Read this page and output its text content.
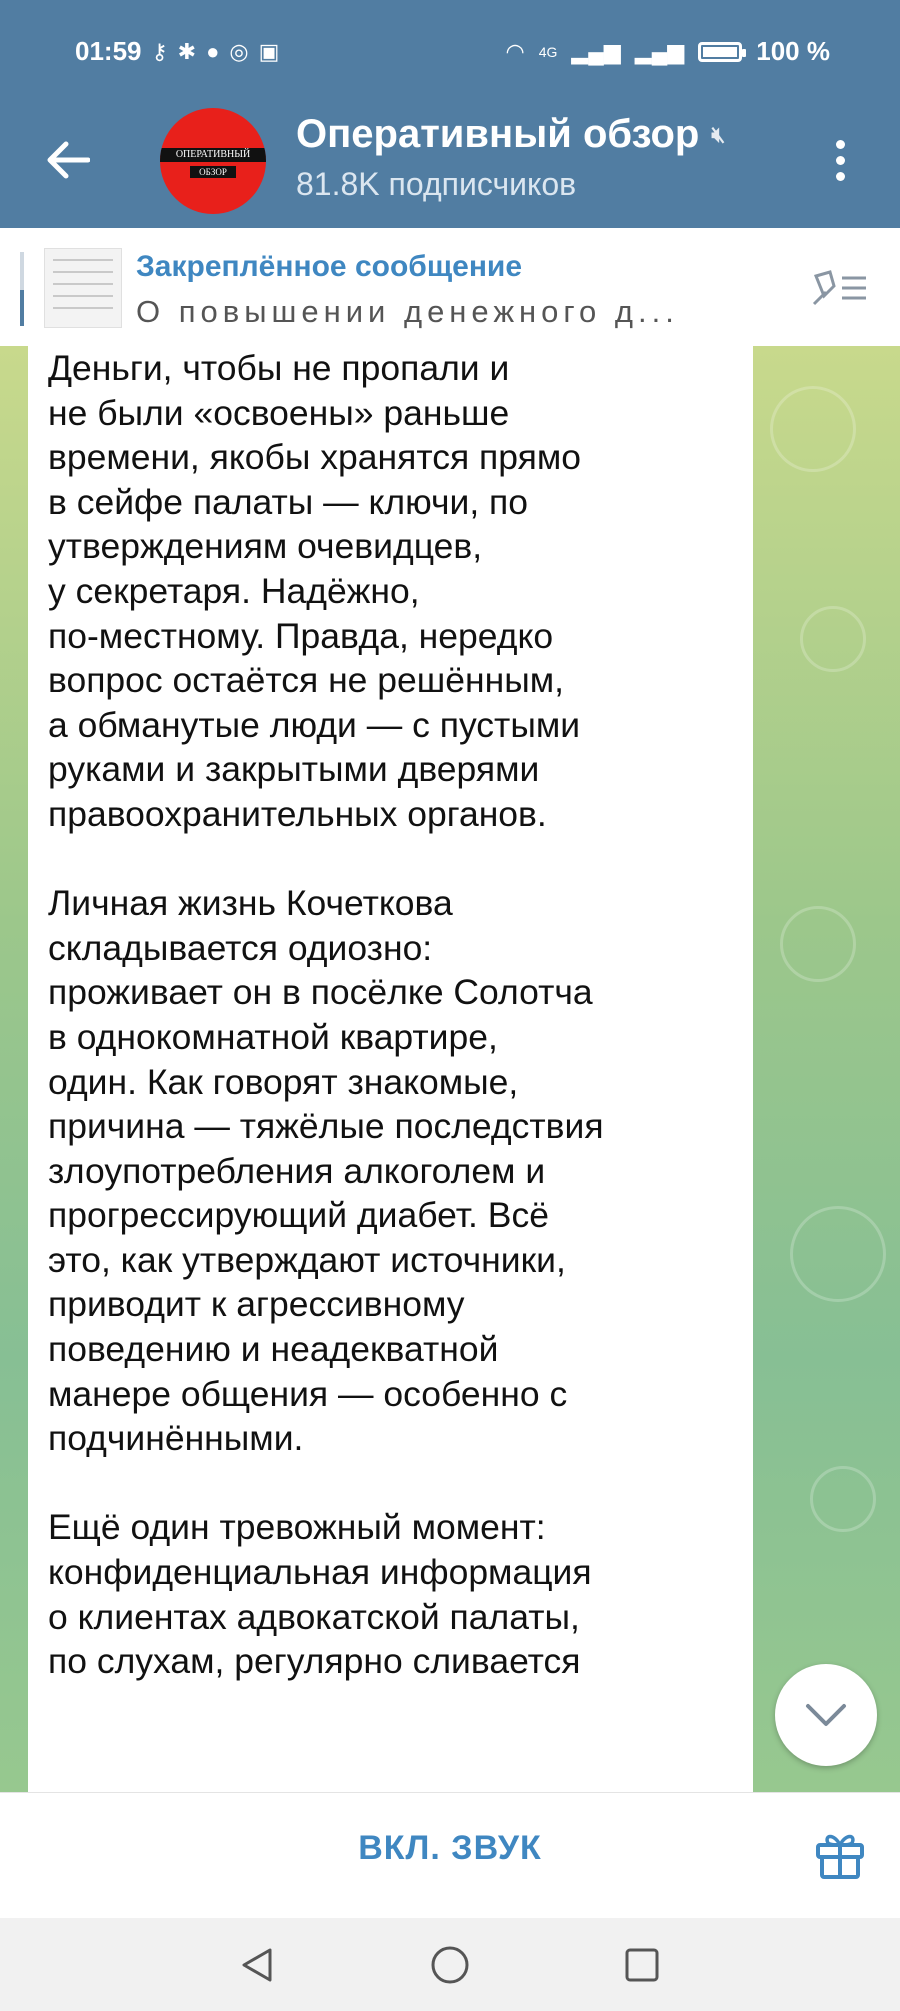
01:59 ⚷ ✱ ● ◎ ▣	◠ 4G ▂▄▆ ▂▄▆	100 %
ОПЕРАТИВНЫЙ
ОБЗОР
Оперативный обзор 🔇︎
81.8K подписчиков
Закреплённое сообщение
О повышении денежного д...
Деньги, чтобы не пропали и
не были «освоены» раньше
времени, якобы хранятся прямо
в сейфе палаты — ключи, по
утверждениям очевидцев,
у секретаря. Надёжно,
по-местному. Правда, нередко
вопрос остаётся не решённым,
а обманутые люди — с пустыми
руками и закрытыми дверями
правоохранительных органов.

Личная жизнь Кочеткова
складывается одиозно:
проживает он в посёлке Солотча
в однокомнатной квартире,
один. Как говорят знакомые,
причина — тяжёлые последствия
злоупотребления алкоголем и
прогрессирующий диабет. Всё
это, как утверждают источники,
приводит к агрессивному
поведению и неадекватной
манере общения — особенно с
подчинёнными.

Ещё один тревожный момент:
конфиденциальная информация
о клиентах адвокатской палаты,
по слухам, регулярно сливается
ВКЛ. ЗВУК
